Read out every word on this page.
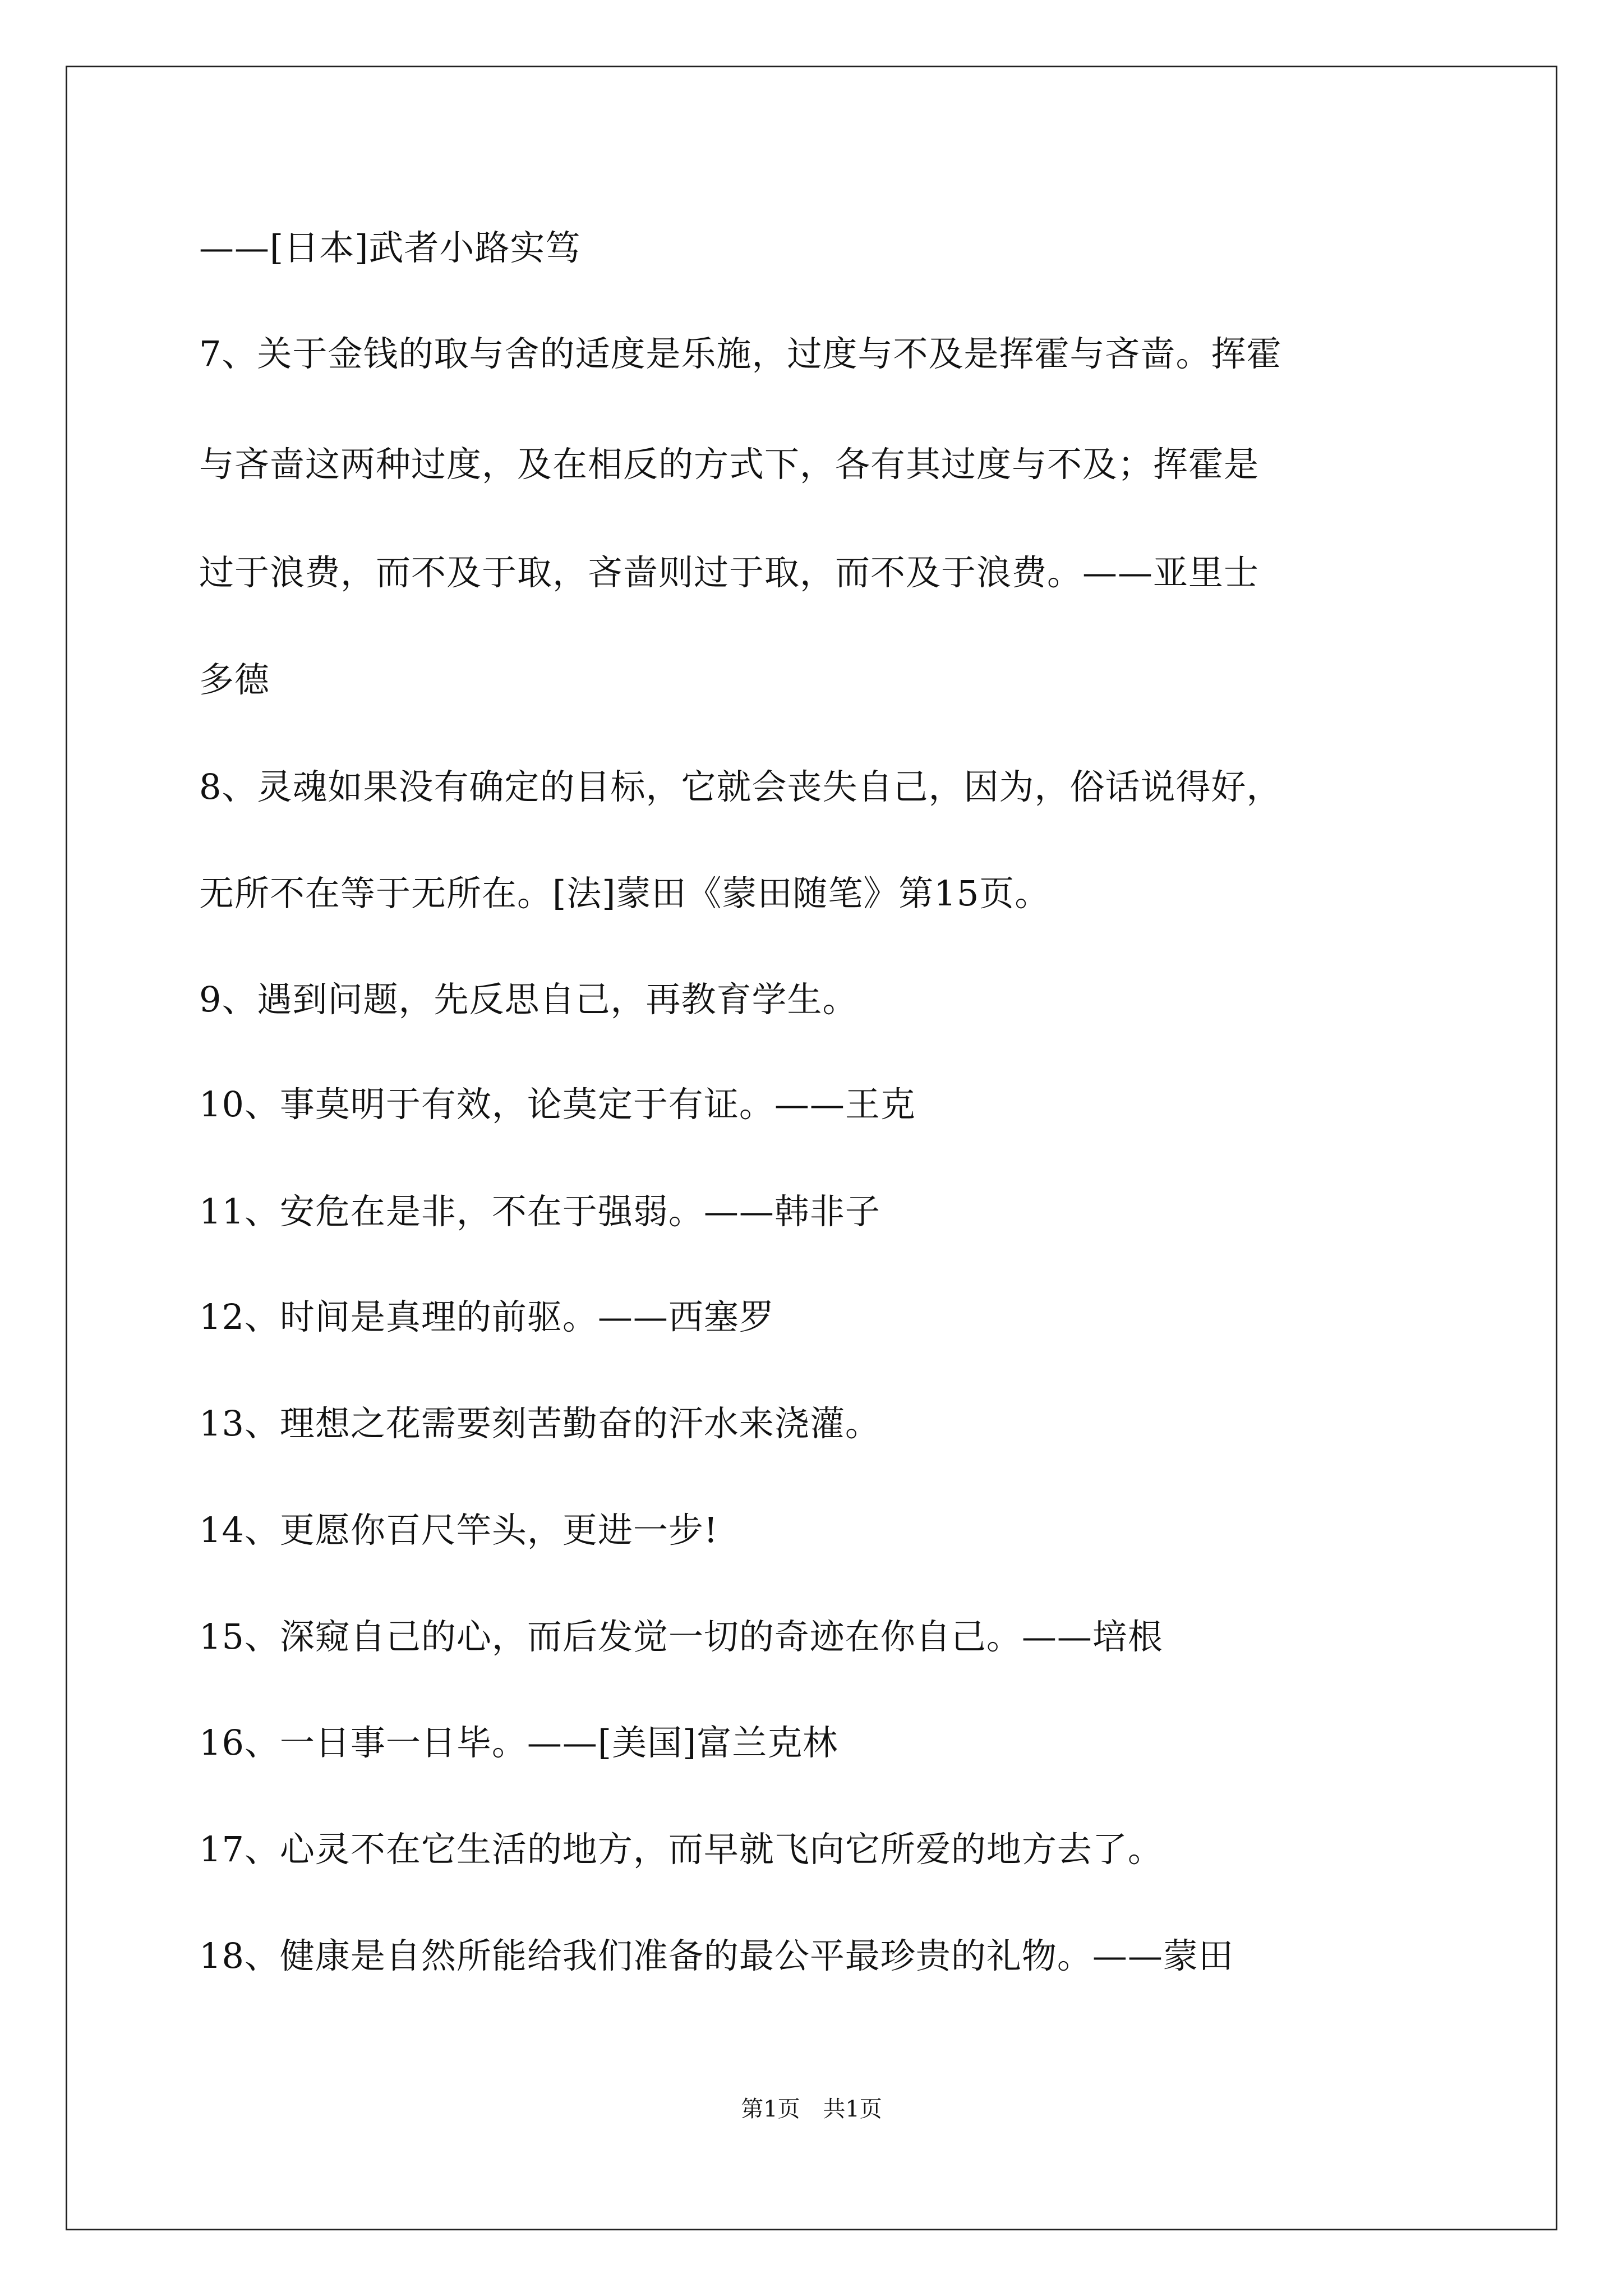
——[日本]武者小路实笃
7、关于金钱的取与舍的适度是乐施，过度与不及是挥霍与吝啬。挥霍
与吝啬这两种过度，及在相反的方式下，各有其过度与不及；挥霍是
过于浪费，而不及于取，吝啬则过于取，而不及于浪费。——亚里士
多德
8、灵魂如果没有确定的目标，它就会丧失自己，因为，俗话说得好，
无所不在等于无所在。[法]蒙田《蒙田随笔》第15页。
9、遇到问题，先反思自己，再教育学生。
10、事莫明于有效，论莫定于有证。——王克
11、安危在是非，不在于强弱。——韩非子
12、时间是真理的前驱。——西塞罗
13、理想之花需要刻苦勤奋的汗水来浇灌。
14、更愿你百尺竿头，更进一步!
15、深窥自己的心，而后发觉一切的奇迹在你自己。——培根
16、一日事一日毕。——[美国]富兰克林
17、心灵不在它生活的地方，而早就飞向它所爱的地方去了。
18、健康是自然所能给我们准备的最公平最珍贵的礼物。——蒙田
第1页 共1页
